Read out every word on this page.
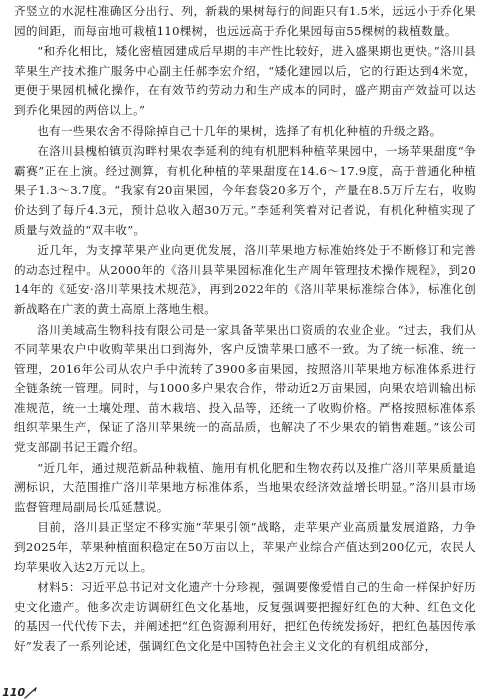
齐竖立的水泥柱准确区分出行、列，新栽的果树每行的间距只有1.5米，远远小于乔化果园的间距，而每亩地可栽植110棵树，也远远高于乔化果园每亩55棵树的栽植数量。

“和乔化相比，矮化密植园建成后早期的丰产性比较好，进入盛果期也更快。”洛川县苹果生产技术推广服务中心副主任郝李宏介绍，“矮化建园以后，它的行距达到4米宽，更便于果园机械化操作，在有效节约劳动力和生产成本的同时，盛产期亩产效益可以达到乔化果园的两倍以上。”

也有一些果农舍不得除掉自己十几年的果树，选择了有机化种植的升级之路。

在洛川县槐柏镇页沟畔村果农李延利的纯有机肥料种植苹果园中，一场苹果甜度“争霸赛”正在上演。经过测算，有机化种植的苹果甜度在14.6～17.9度，高于普通化种植果子1.3～3.7度。“我家有20亩果园，今年套袋20多万个，产量在8.5万斤左右，收购价达到了每斤4.3元，预计总收入超30万元。”李延利笑着对记者说，有机化种植实现了质量与效益的“双丰收”。

近几年，为支撑苹果产业向更优发展，洛川苹果地方标准始终处于不断修订和完善的动态过程中。从2000年的《洛川县苹果园标准化生产周年管理技术操作规程》，到2014年的《延安·洛川苹果技术规范》，再到2022年的《洛川苹果标准综合体》，标准化创新战略在广袤的黄土高原上落地生根。

洛川美域高生物科技有限公司是一家具备苹果出口资质的农业企业。“过去，我们从不同苹果农户中收购苹果出口到海外，客户反馈苹果口感不一致。为了统一标准、统一管理，2016年公司从农户手中流转了3900多亩果园，按照洛川苹果地方标准体系进行全链条统一管理。同时，与1000多户果农合作，带动近2万亩果园，向果农培训输出标准规范，统一土壤处理、苗木栽培、投入品等，还统一了收购价格。严格按照标准体系组织苹果生产，保证了洛川苹果统一的高品质，也解决了不少果农的销售难题。”该公司党支部副书记王霞介绍。

“近几年，通过规范新品种栽植、施用有机化肥和生物农药以及推广洛川苹果质量追溯标识，大范围推广洛川苹果地方标准体系，当地果农经济效益增长明显。”洛川县市场监督管理局副局长瓜延慧说。

目前，洛川县正坚定不移实施“苹果引领”战略，走苹果产业高质量发展道路，力争到2025年，苹果种植面积稳定在50万亩以上，苹果产业综合产值达到200亿元，农民人均苹果收入达2万元以上。

材料5：习近平总书记对文化遗产十分珍视，强调要像爱惜自己的生命一样保护好历史文化遗产。他多次走访调研红色文化基地，反复强调要把握好红色的大种、红色文化的基因一代代传下去，并阐述把“红色资源利用好，把红色传统发扬好，把红色基因传承好”发表了一系列论述，强调红色文化是中国特色社会主义文化的有机组成部分，

110
